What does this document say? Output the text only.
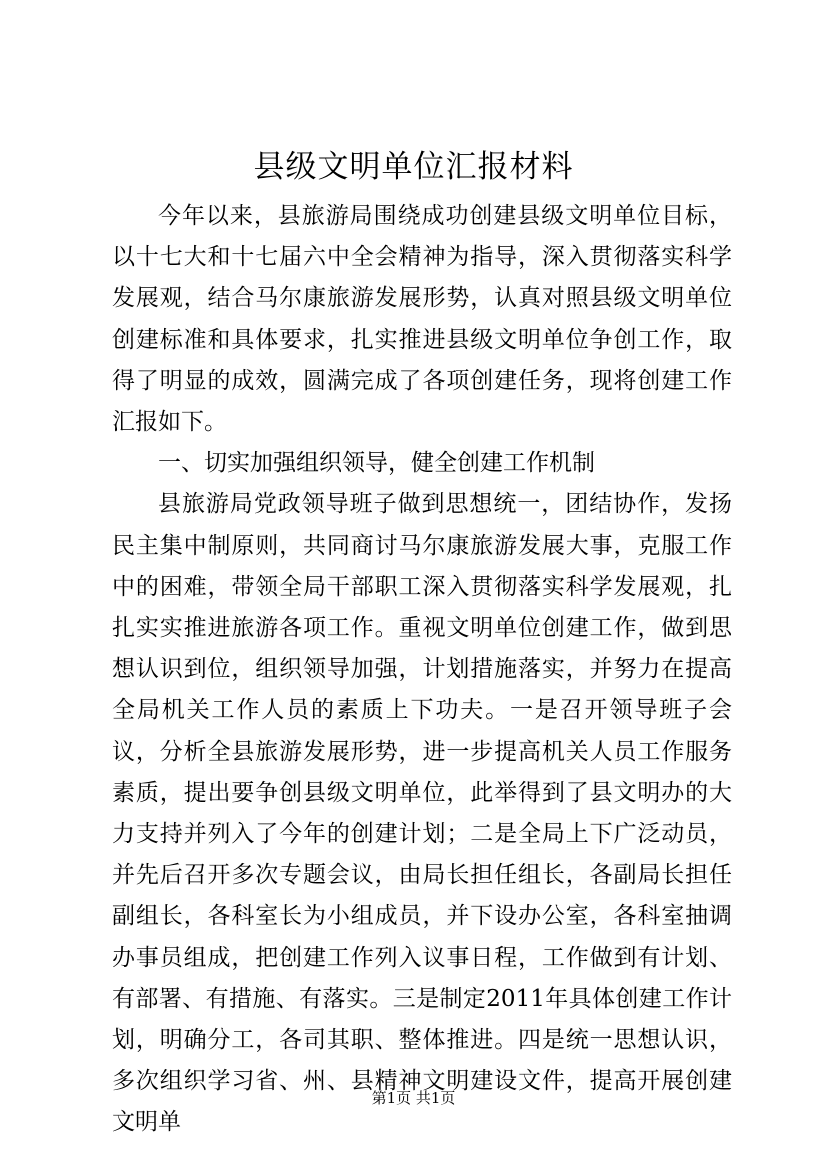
县级文明单位汇报材料

今年以来，县旅游局围绕成功创建县级文明单位目标，以十七大和十七届六中全会精神为指导，深入贯彻落实科学发展观，结合马尔康旅游发展形势，认真对照县级文明单位创建标准和具体要求，扎实推进县级文明单位争创工作，取得了明显的成效，圆满完成了各项创建任务，现将创建工作汇报如下。

一、切实加强组织领导，健全创建工作机制

县旅游局党政领导班子做到思想统一，团结协作，发扬民主集中制原则，共同商讨马尔康旅游发展大事，克服工作中的困难，带领全局干部职工深入贯彻落实科学发展观，扎扎实实推进旅游各项工作。重视文明单位创建工作，做到思想认识到位，组织领导加强，计划措施落实，并努力在提高全局机关工作人员的素质上下功夫。一是召开领导班子会议，分析全县旅游发展形势，进一步提高机关人员工作服务素质，提出要争创县级文明单位，此举得到了县文明办的大力支持并列入了今年的创建计划；二是全局上下广泛动员，并先后召开多次专题会议，由局长担任组长，各副局长担任副组长，各科室长为小组成员，并下设办公室，各科室抽调办事员组成，把创建工作列入议事日程，工作做到有计划、有部署、有措施、有落实。三是制定2011年具体创建工作计划，明确分工，各司其职、整体推进。四是统一思想认识，多次组织学习省、州、县精神文明建设文件，提高开展创建文明单

第1页 共1页
